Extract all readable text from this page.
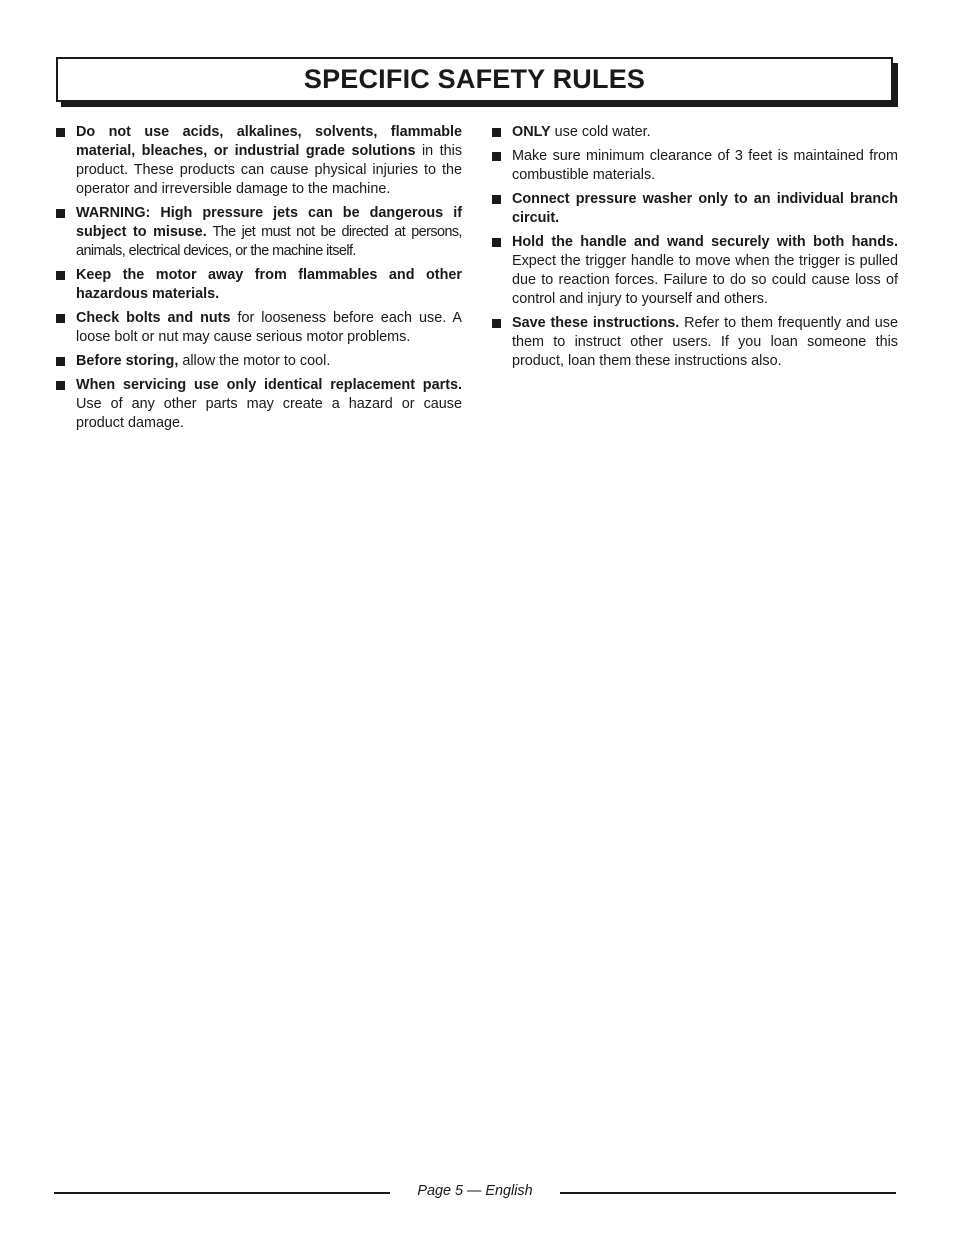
SPECIFIC SAFETY RULES
Do not use acids, alkalines, solvents, flammable material, bleaches, or industrial grade solutions in this product. These products can cause physical injuries to the operator and irreversible damage to the machine.
WARNING: High pressure jets can be dangerous if subject to misuse. The jet must not be directed at persons, animals, electrical devices, or the machine itself.
Keep the motor away from flammables and other hazardous materials.
Check bolts and nuts for looseness before each use. A loose bolt or nut may cause serious motor problems.
Before storing, allow the motor to cool.
When servicing use only identical replacement parts. Use of any other parts may create a hazard or cause product damage.
ONLY use cold water.
Make sure minimum clearance of 3 feet is maintained from combustible materials.
Connect pressure washer only to an individual branch circuit.
Hold the handle and wand securely with both hands. Expect the trigger handle to move when the trigger is pulled due to reaction forces. Failure to do so could cause loss of control and injury to yourself and others.
Save these instructions. Refer to them frequently and use them to instruct other users. If you loan someone this product, loan them these instructions also.
Page 5 — English
